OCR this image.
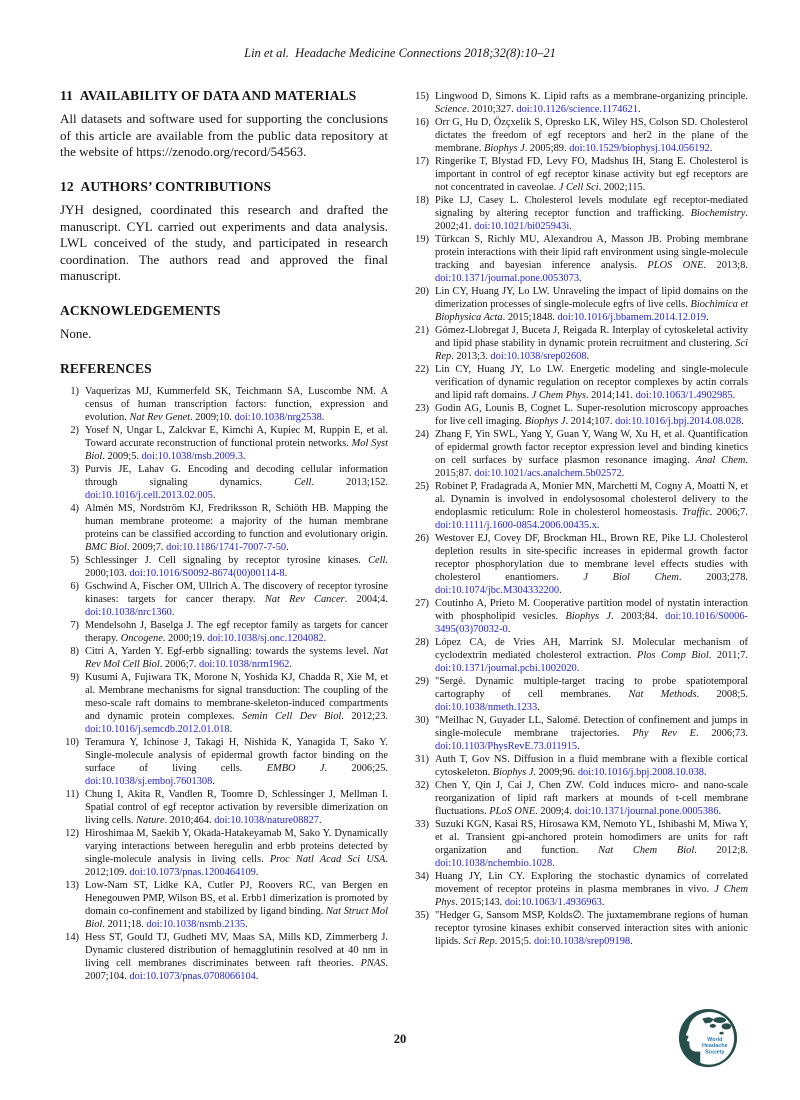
Lin et al. Headache Medicine Connections 2018;32(8):10–21
11 AVAILABILITY OF DATA AND MATERIALS

All datasets and software used for supporting the conclusions of this article are available from the public data repository at the website of https://zenodo.org/record/54563.

12 AUTHORS’ CONTRIBUTIONS

JYH designed, coordinated this research and drafted the manuscript. CYL carried out experiments and data analysis. LWL conceived of the study, and participated in research coordination. The authors read and approved the final manuscript.

ACKNOWLEDGEMENTS

None.

REFERENCES
1) Vaquerizas MJ, Kummerfeld SK, Teichmann SA, Luscombe NM. A census of human transcription factors: function, expression and evolution. Nat Rev Genet. 2009;10. doi:10.1038/nrg2538.
2) Yosef N, Ungar L, Zalckvar E, Kimchi A, Kupiec M, Ruppin E, et al. Toward accurate reconstruction of functional protein networks. Mol Syst Biol. 2009;5. doi:10.1038/msb.2009.3.
3) Purvis JE, Lahav G. Encoding and decoding cellular information through signaling dynamics. Cell. 2013;152. doi:10.1016/j.cell.2013.02.005.
4) Almén MS, Nordström KJ, Fredriksson R, Schiöth HB. Mapping the human membrane proteome: a majority of the human membrane proteins can be classified according to function and evolutionary origin. BMC Biol. 2009;7. doi:10.1186/1741-7007-7-50.
5) Schlessinger J. Cell signaling by receptor tyrosine kinases. Cell. 2000;103. doi:10.1016/S0092-8674(00)00114-8.
6) Gschwind A, Fischer OM, Ullrich A. The discovery of receptor tyrosine kinases: targets for cancer therapy. Nat Rev Cancer. 2004;4. doi:10.1038/nrc1360.
7) Mendelsohn J, Baselga J. The egf receptor family as targets for cancer therapy. Oncogene. 2000;19. doi:10.1038/sj.onc.1204082.
8) Citri A, Yarden Y. Egf-erbb signalling: towards the systems level. Nat Rev Mol Cell Biol. 2006;7. doi:10.1038/nrm1962.
9) Kusumi A, Fujiwara TK, Morone N, Yoshida KJ, Chadda R, Xie M, et al. Membrane mechanisms for signal transduction: The coupling of the meso-scale raft domains to membrane-skeleton-induced compartments and dynamic protein complexes. Semin Cell Dev Biol. 2012;23. doi:10.1016/j.semcdb.2012.01.018.
10) Teramura Y, Ichinose J, Takagi H, Nishida K, Yanagida T, Sako Y. Single-molecule analysis of epidermal growth factor binding on the surface of living cells. EMBO J. 2006;25. doi:10.1038/sj.emboj.7601308.
11) Chung I, Akita R, Vandlen R, Toomre D, Schlessinger J, Mellman I. Spatial control of egf receptor activation by reversible dimerization on living cells. Nature. 2010;464. doi:10.1038/nature08827.
12) Hiroshimaa M, Saekib Y, Okada-Hatakeyamab M, Sako Y. Dynamically varying interactions between heregulin and erbb proteins detected by single-molecule analysis in living cells. Proc Natl Acad Sci USA. 2012;109. doi:10.1073/pnas.1200464109.
13) Low-Nam ST, Lidke KA, Cutler PJ, Roovers RC, van Bergen en Henegouwen PMP, Wilson BS, et al. Erbb1 dimerization is promoted by domain co-confinement and stabilized by ligand binding. Nat Struct Mol Biol. 2011;18. doi:10.1038/nsmb.2135.
14) Hess ST, Gould TJ, Gudheti MV, Maas SA, Mills KD, Zimmerberg J. Dynamic clustered distribution of hemagglutinin resolved at 40 nm in living cell membranes discriminates between raft theories. PNAS. 2007;104. doi:10.1073/pnas.0708066104.
15) Lingwood D, Simons K. Lipid rafts as a membrane-organizing principle. Science. 2010;327. doi:10.1126/science.1174621.
16) Orr G, Hu D, Özçxelik S, Opresko LK, Wiley HS, Colson SD. Cholesterol dictates the freedom of egf receptors and her2 in the plane of the membrane. Biophys J. 2005;89. doi:10.1529/biophysj.104.056192.
17) Ringerike T, Blystad FD, Levy FO, Madshus IH, Stang E. Cholesterol is important in control of egf receptor kinase activity but egf receptors are not concentrated in caveolae. J Cell Sci. 2002;115.
18) Pike LJ, Casey L. Cholesterol levels modulate egf receptor-mediated signaling by altering receptor function and trafficking. Biochemistry. 2002;41. doi:10.1021/bi025943i.
19) Türkcan S, Richly MU, Alexandrou A, Masson JB. Probing membrane protein interactions with their lipid raft environment using single-molecule tracking and bayesian inference analysis. PLOS ONE. 2013;8. doi:10.1371/journal.pone.0053073.
20) Lin CY, Huang JY, Lo LW. Unraveling the impact of lipid domains on the dimerization processes of single-molecule egfrs of live cells. Biochimica et Biophysica Acta. 2015;1848. doi:10.1016/j.bbamem.2014.12.019.
21) Gómez-Llobregat J, Buceta J, Reigada R. Interplay of cytoskeletal activity and lipid phase stability in dynamic protein recruitment and clustering. Sci Rep. 2013;3. doi:10.1038/srep02608.
22) Lin CY, Huang JY, Lo LW. Energetic modeling and single-molecule verification of dynamic regulation on receptor complexes by actin corrals and lipid raft domains. J Chem Phys. 2014;141. doi:10.1063/1.4902985.
23) Godin AG, Lounis B, Cognet L. Super-resolution microscopy approaches for live cell imaging. Biophys J. 2014;107. doi:10.1016/j.bpj.2014.08.028.
24) Zhang F, Yin SWL, Yang Y, Guan Y, Wang W, Xu H, et al. Quantification of epidermal growth factor receptor expression level and binding kinetics on cell surfaces by surface plasmon resonance imaging. Anal Chem. 2015;87. doi:10.1021/acs.analchem.5b02572.
25) Robinet P, Fradagrada A, Monier MN, Marchetti M, Cogny A, Moatti N, et al. Dynamin is involved in endolysosomal cholesterol delivery to the endoplasmic reticulum: Role in cholesterol homeostasis. Traffic. 2006;7. doi:10.1111/j.1600-0854.2006.00435.x.
26) Westover EJ, Covey DF, Brockman HL, Brown RE, Pike LJ. Cholesterol depletion results in site-specific increases in epidermal growth factor receptor phosphorylation due to membrane level effects studies with cholesterol enantiomers. J Biol Chem. 2003;278. doi:10.1074/jbc.M304332200.
27) Coutinho A, Prieto M. Cooperative partition model of nystatin interaction with phospholipid vesicles. Biophys J. 2003;84. doi:10.1016/S0006-3495(03)70032-0.
28) López CA, de Vries AH, Marrink SJ. Molecular mechanism of cyclodextrin mediated cholesterol extraction. Plos Comp Biol. 2011;7. doi:10.1371/journal.pcbi.1002020.
29) "Sergé. Dynamic multiple-target tracing to probe spatiotemporal cartography of cell membranes. Nat Methods. 2008;5. doi:10.1038/nmeth.1233.
30) "Meilhac N, Guyader LL, Salomé. Detection of confinement and jumps in single-molecule membrane trajectories. Phy Rev E. 2006;73. doi:10.1103/PhysRevE.73.011915.
31) Auth T, Gov NS. Diffusion in a fluid membrane with a flexible cortical cytoskeleton. Biophys J. 2009;96. doi:10.1016/j.bpj.2008.10.038.
32) Chen Y, Qin J, Cai J, Chen ZW. Cold induces micro- and nano-scale reorganization of lipid raft markers at mounds of t-cell membrane fluctuations. PLoS ONE. 2009;4. doi:10.1371/journal.pone.0005386.
33) Suzuki KGN, Kasai RS, Hirosawa KM, Nemoto YL, Ishibashi M, Miwa Y, et al. Transient gpi-anchored protein homodimers are units for raft organization and function. Nat Chem Biol. 2012;8. doi:10.1038/nchembio.1028.
34) Huang JY, Lin CY. Exploring the stochastic dynamics of correlated movement of receptor proteins in plasma membranes in vivo. J Chem Phys. 2015;143. doi:10.1063/1.4936963.
35) "Hedger G, Sansom MSP, Kolds∅. The juxtamembrane regions of human receptor tyrosine kinases exhibit conserved interaction sites with anionic lipids. Sci Rep. 2015;5. doi:10.1038/srep09198.
20	World
Headache
Society
